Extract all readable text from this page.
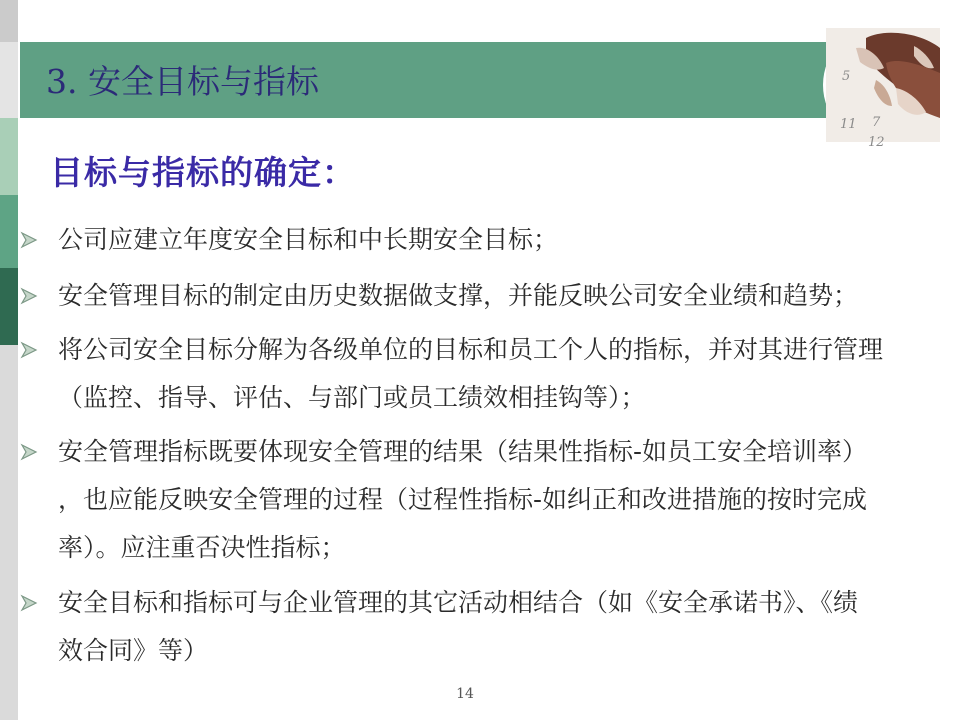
3. 安全目标与指标	5
11 7
12
目标与指标的确定：
公司应建立年度安全目标和中长期安全目标；
安全管理目标的制定由历史数据做支撑，并能反映公司安全业绩和趋势；
将公司安全目标分解为各级单位的目标和员工个人的指标，并对其进行管理
（监控、指导、评估、与部门或员工绩效相挂钩等）；
安全管理指标既要体现安全管理的结果（结果性指标-如员工安全培训率）
，也应能反映安全管理的过程（过程性指标-如纠正和改进措施的按时完成
率）。应注重否决性指标；
安全目标和指标可与企业管理的其它活动相结合（如《安全承诺书》、《绩
效合同》等）
14
